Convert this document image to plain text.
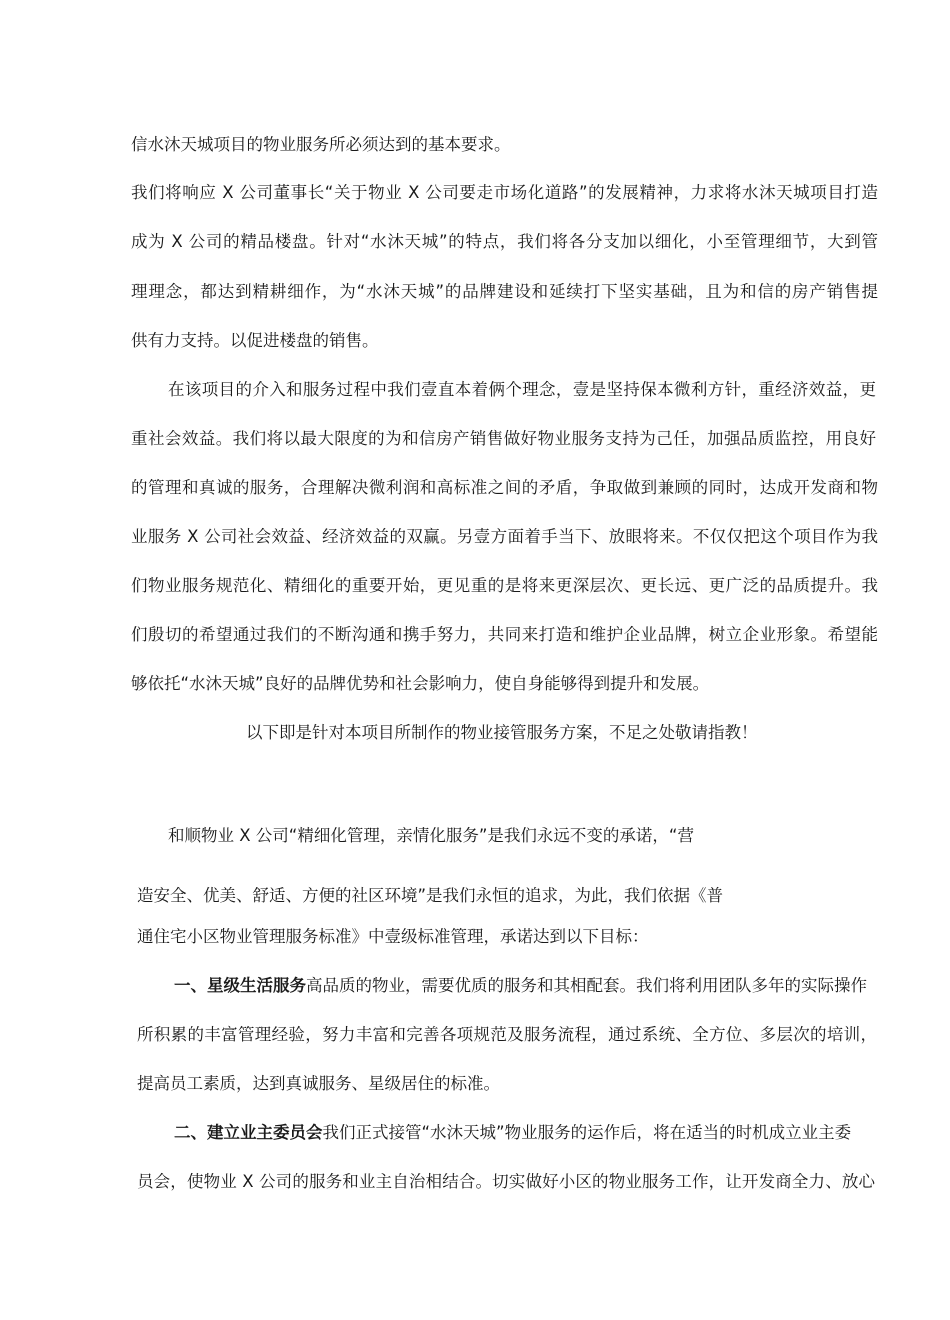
信水沐天城项目的物业服务所必须达到的基本要求。
我们将响应 X 公司董事长“关于物业 X 公司要走市场化道路”的发展精神，力求将水沐天城项目打造
成为 X 公司的精品楼盘。针对“水沐天城”的特点，我们将各分支加以细化，小至管理细节，大到管
理理念，都达到精耕细作，为“水沐天城”的品牌建设和延续打下坚实基础，且为和信的房产销售提
供有力支持。以促进楼盘的销售。
在该项目的介入和服务过程中我们壹直本着俩个理念，壹是坚持保本微利方针，重经济效益，更
重社会效益。我们将以最大限度的为和信房产销售做好物业服务支持为己任，加强品质监控，用良好
的管理和真诚的服务，合理解决微利润和高标准之间的矛盾，争取做到兼顾的同时，达成开发商和物
业服务 X 公司社会效益、经济效益的双赢。另壹方面着手当下、放眼将来。不仅仅把这个项目作为我
们物业服务规范化、精细化的重要开始，更见重的是将来更深层次、更长远、更广泛的品质提升。我
们殷切的希望通过我们的不断沟通和携手努力，共同来打造和维护企业品牌，树立企业形象。希望能
够依托“水沐天城”良好的品牌优势和社会影响力，使自身能够得到提升和发展。
以下即是针对本项目所制作的物业接管服务方案，不足之处敬请指教！
和顺物业 X 公司“精细化管理，亲情化服务”是我们永远不变的承诺，“营
造安全、优美、舒适、方便的社区环境”是我们永恒的追求，为此，我们依据《普
通住宅小区物业管理服务标准》中壹级标准管理，承诺达到以下目标：
一、星级生活服务高品质的物业，需要优质的服务和其相配套。我们将利用团队多年的实际操作
所积累的丰富管理经验，努力丰富和完善各项规范及服务流程，通过系统、全方位、多层次的培训，
提高员工素质，达到真诚服务、星级居住的标准。
二、建立业主委员会我们正式接管“水沐天城”物业服务的运作后，将在适当的时机成立业主委
员会，使物业 X 公司的服务和业主自治相结合。切实做好小区的物业服务工作，让开发商全力、放心
